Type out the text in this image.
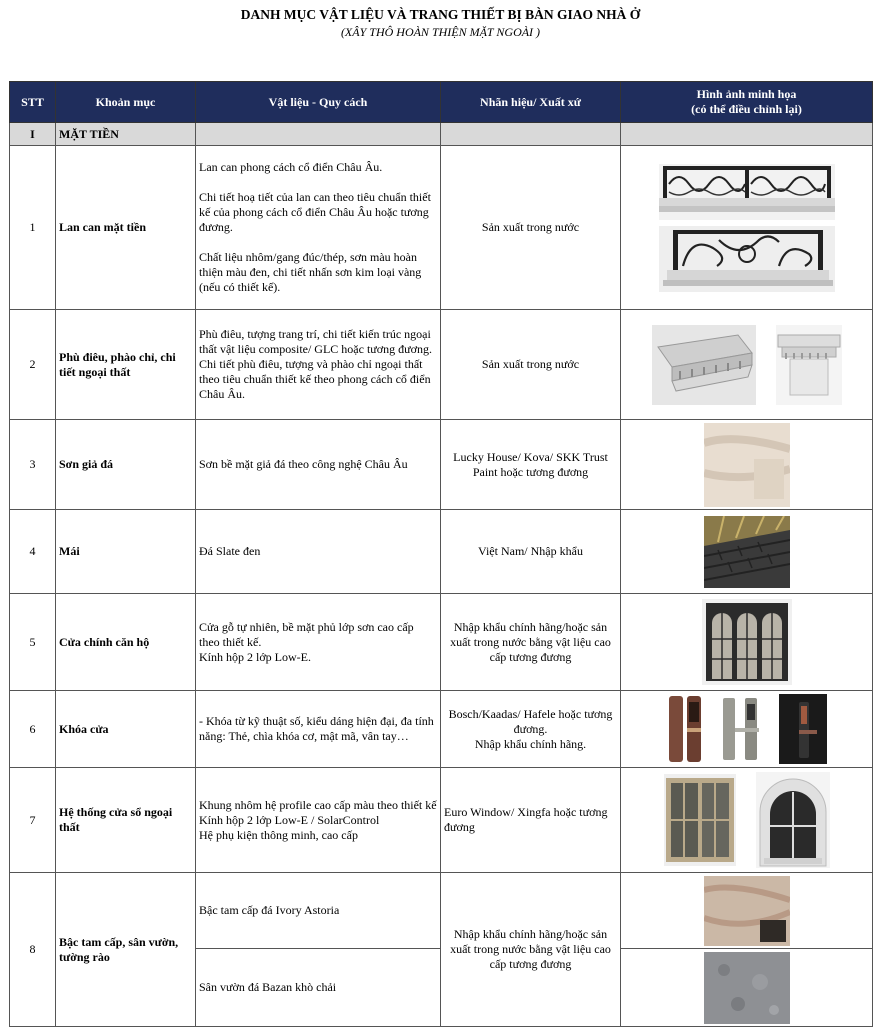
DANH MỤC VẬT LIỆU VÀ TRANG THIẾT BỊ BÀN GIAO NHÀ Ở
(XÂY THÔ HOÀN THIỆN MẶT NGOÀI )
STT	Khoản mục	Vật liệu - Quy cách	Nhãn hiệu/ Xuất xứ	Hình ảnh minh họa
(có thể điều chỉnh lại)

I	MẶT TIỀN			
1	Lan can mặt tiền	Lan can phong cách cổ điển Châu Âu.

Chi tiết hoạ tiết của lan can theo tiêu chuẩn thiết kế của phong cách cổ điển Châu Âu hoặc tương đương.

Chất liệu nhôm/gang đúc/thép, sơn màu hoàn thiện màu đen, chi tiết nhấn sơn kim loại vàng (nếu có thiết kế).	Sản xuất trong nước	

2	Phù điêu, phào chỉ, chi tiết ngoại thất	Phù điêu, tượng trang trí, chi tiết kiến trúc ngoại thất vật liệu composite/ GLC hoặc tương đương.

Chi tiết phù điêu, tượng và phào chỉ ngoại thất theo tiêu chuẩn thiết kế theo phong cách cổ điển Châu Âu.	Sản xuất trong nước	

3	Sơn giả đá	Sơn bề mặt giả đá theo công nghệ Châu Âu	Lucky House/ Kova/ SKK Trust Paint hoặc tương đương	

4	Mái	Đá Slate đen	Việt Nam/ Nhập khẩu	

5	Cửa chính căn hộ	Cửa gỗ tự nhiên, bề mặt phủ lớp sơn cao cấp theo thiết kế.

Kính hộp 2 lớp Low-E.	Nhập khẩu chính hãng/hoặc sản xuất trong nước bằng vật liệu cao cấp tương đương	

6	Khóa cửa	- Khóa từ kỹ thuật số, kiểu dáng hiện đại, đa tính năng: Thẻ, chìa khóa cơ, mật mã, vân tay…	Bosch/Kaadas/ Hafele hoặc tương đương.
Nhập khẩu chính hãng.

7	Hệ thống cửa sổ ngoại thất	Khung nhôm hệ profile cao cấp màu theo thiết kế

Kính hộp 2 lớp Low-E / SolarControl

Hệ phụ kiện thông minh, cao cấp	Euro Window/ Xingfa hoặc tương đương	

8	Bậc tam cấp, sân vườn, tường rào	Bậc tam cấp đá Ivory Astoria	Nhập khẩu chính hãng/hoặc sản xuất trong nước bằng vật liệu cao cấp tương đương	

		Sân vườn đá Bazan khò chải
